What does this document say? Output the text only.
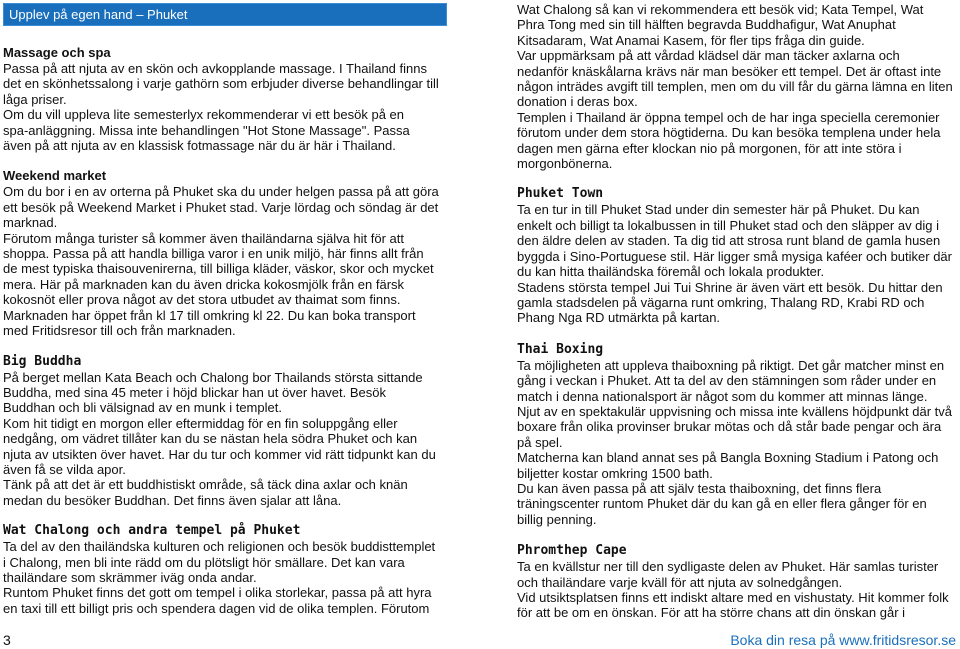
Upplev på egen hand – Phuket
Massage och spa
Passa på att njuta av en skön och avkopplande massage. I Thailand finns
det en skönhetssalong i varje gathörn som erbjuder diverse behandlingar till
låga priser.
Om du vill uppleva lite semesterlyx rekommenderar vi ett besök på en
spa-anläggning. Missa inte behandlingen "Hot Stone Massage". Passa
även på att njuta av en klassisk fotmassage när du är här i Thailand.
Weekend market
Om du bor i en av orterna på Phuket ska du under helgen passa på att göra
ett besök på Weekend Market i Phuket stad. Varje lördag och söndag är det
marknad.
Förutom många turister så kommer även thailändarna själva hit för att
shoppa. Passa på att handla billiga varor i en unik miljö, här finns allt från
de mest typiska thaisouvenirerna, till billiga kläder, väskor, skor och mycket
mera. Här på marknaden kan du även dricka kokosmjölk från en färsk
kokosnöt eller prova något av det stora utbudet av thaimat som finns.
Marknaden har öppet från kl 17 till omkring kl 22. Du kan boka transport
med Fritidsresor till och från marknaden.
Big Buddha
På berget mellan Kata Beach och Chalong bor Thailands största sittande
Buddha, med sina 45 meter i höjd blickar han ut över havet. Besök
Buddhan och bli välsignad av en munk i templet.
Kom hit tidigt en morgon eller eftermiddag för en fin soluppgång eller
nedgång, om vädret tillåter kan du se nästan hela södra Phuket och kan
njuta av utsikten över havet. Har du tur och kommer vid rätt tidpunkt kan du
även få se vilda apor.
Tänk på att det är ett buddhistiskt område, så täck dina axlar och knän
medan du besöker Buddhan. Det finns även sjalar att låna.
Wat Chalong och andra tempel på Phuket
Ta del av den thailändska kulturen och religionen och besök buddisttemplet
i Chalong, men bli inte rädd om du plötsligt hör smällare. Det kan vara
thailändare som skrämmer iväg onda andar.
Runtom Phuket finns det gott om tempel i olika storlekar, passa på att hyra
en taxi till ett billigt pris och spendera dagen vid de olika templen. Förutom
Wat Chalong så kan vi rekommendera ett besök vid; Kata Tempel, Wat
Phra Tong med sin till hälften begravda Buddhafigur, Wat Anuphat
Kitsadaram, Wat Anamai Kasem, för fler tips fråga din guide.
Var uppmärksam på att vårdad klädsel där man täcker axlarna och
nedanför knäskålarna krävs när man besöker ett tempel. Det är oftast inte
någon inträdes avgift till templen, men om du vill får du gärna lämna en liten
donation i deras box.
Templen i Thailand är öppna tempel och de har inga speciella ceremonier
förutom under dem stora högtiderna. Du kan besöka templena under hela
dagen men gärna efter klockan nio på morgonen, för att inte störa i
morgonbönerna.
Phuket Town
Ta en tur in till Phuket Stad under din semester här på Phuket. Du kan
enkelt och billigt ta lokalbussen in till Phuket stad och den släpper av dig i
den äldre delen av staden. Ta dig tid att strosa runt bland de gamla husen
byggda i Sino-Portuguese stil. Här ligger små mysiga kaféer och butiker där
du kan hitta thailändska föremål och lokala produkter.
Stadens största tempel Jui Tui Shrine är även värt ett besök. Du hittar den
gamla stadsdelen på vägarna runt omkring, Thalang RD, Krabi RD och
Phang Nga RD utmärkta på kartan.
Thai Boxing
Ta möjligheten att uppleva thaiboxning på riktigt. Det går matcher minst en
gång i veckan i Phuket. Att ta del av den stämningen som råder under en
match i denna nationalsport är något som du kommer att minnas länge.
Njut av en spektakulär uppvisning och missa inte kvällens höjdpunkt där två
boxare från olika provinser brukar mötas och då står bade pengar och ära
på spel.
Matcherna kan bland annat ses på Bangla Boxning Stadium i Patong och
biljetter kostar omkring 1500 bath.
Du kan även passa på att själv testa thaiboxning, det finns flera
träningscenter runtom Phuket där du kan gå en eller flera gånger för en
billig penning.
Phromthep Cape
Ta en kvällstur ner till den sydligaste delen av Phuket. Här samlas turister
och thailändare varje kväll för att njuta av solnedgången.
Vid utsiktsplatsen finns ett indiskt altare med en vishustaty. Hit kommer folk
för att be om en önskan. För att ha större chans att din önskan går i
3	Boka din resa på www.fritidsresor.se
